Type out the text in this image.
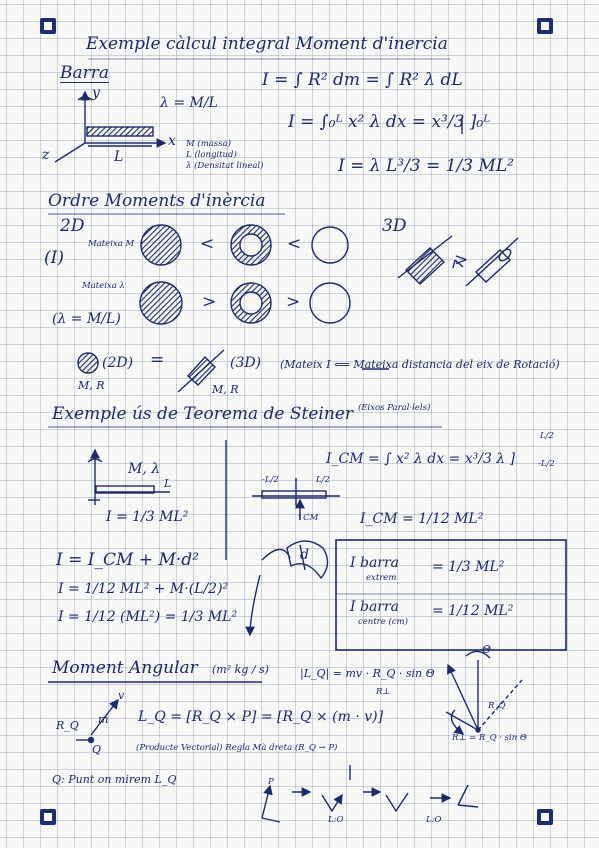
Exemple càlcul integral Moment d'inercia
Barra
y
x
z	L
λ = M/L
M (massa)
L (longitud)
λ (Densitat lineal)
I = ∫ R² dm = ∫ R² λ dL
I = ∫₀ᴸ x² λ dx = x³/3 ]₀ᴸ
I = λ L³/3 = 1/3 ML²
Ordre Moments d'inèrcia
2D	3D
(I)
Mateixa M
Mateixa λ
(λ = M/L)
<	<
>	>
>
(2D) =	(3D)
M, R	M, R
(Mateix I ⟸ Mateixa distancia del eix de Rotació)
Exemple ús de Teorema de Steiner (Eixos Paral·lels)
M, λ
L
I = 1/3 ML²
-L/2	L/2
↑CM
I_CM = ∫ x² λ dx = x³/3 λ ]
L/2
-L/2
I_CM = 1/12 ML²
d
I = I_CM + M·d²
I = 1/12 ML² + M·(L/2)²
I = 1/12 (ML²) = 1/3 ML²
I barra
extrem
= 1/3 ML²
I barra
centre (cm)
= 1/12 ML²
Moment Angular (m² kg / s)	|L_Q| = mv · R_Q · sin Θ
R⊥
R_Q m
v
Q
L_Q = [R_Q × P] = [R_Q × (m · v)]
(Producte Vectorial) Regla Mà dreta (R_Q → P)
Q: Punt on mirem L_Q
Θ
R_Q
R⊥ = R_Q · sin Θ
P
L:O	L:O
